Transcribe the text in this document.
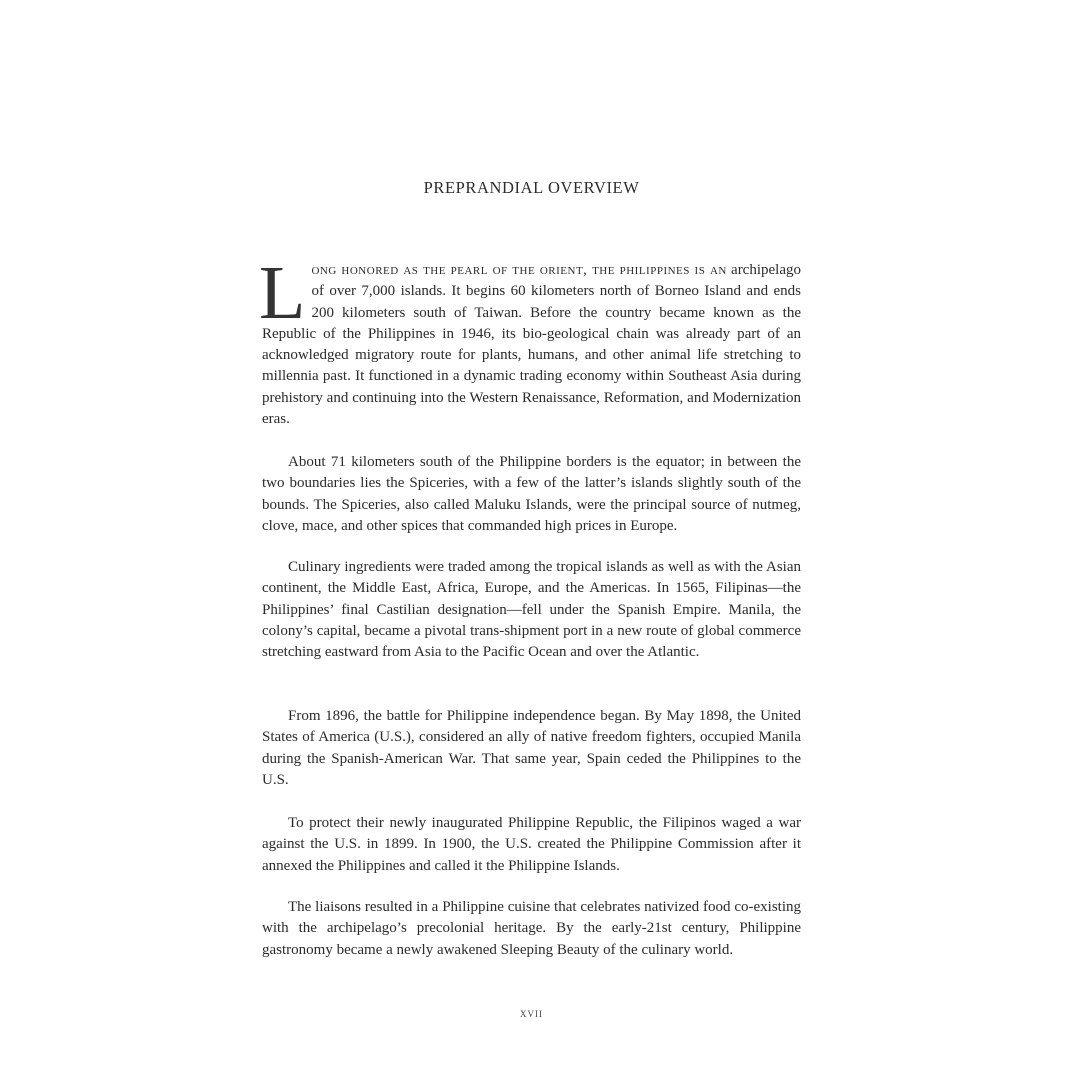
PREPRANDIAL OVERVIEW

Long honored as the pearl of the orient, the philippines is an archipelago of over 7,000 islands. It begins 60 kilometers north of Borneo Island and ends 200 kilometers south of Taiwan. Before the country became known as the Republic of the Philippines in 1946, its bio-geological chain was already part of an acknowledged migratory route for plants, humans, and other animal life stretching to millennia past. It functioned in a dynamic trading economy within Southeast Asia during prehistory and continuing into the Western Renaissance, Reformation, and Modernization eras.

About 71 kilometers south of the Philippine borders is the equator; in between the two boundaries lies the Spiceries, with a few of the latter’s islands slightly south of the bounds. The Spiceries, also called Maluku Islands, were the principal source of nutmeg, clove, mace, and other spices that commanded high prices in Europe.

Culinary ingredients were traded among the tropical islands as well as with the Asian continent, the Middle East, Africa, Europe, and the Americas. In 1565, Filipinas—the Philippines’ final Castilian designation—fell under the Spanish Empire. Manila, the colony’s capital, became a pivotal trans-shipment port in a new route of global commerce stretching eastward from Asia to the Pacific Ocean and over the Atlantic.

From 1896, the battle for Philippine independence began. By May 1898, the United States of America (U.S.), considered an ally of native freedom fighters, occupied Manila during the Spanish-American War. That same year, Spain ceded the Philippines to the U.S.

To protect their newly inaugurated Philippine Republic, the Filipinos waged a war against the U.S. in 1899. In 1900, the U.S. created the Philippine Commission after it annexed the Philippines and called it the Philippine Islands.

The liaisons resulted in a Philippine cuisine that celebrates nativized food co-existing with the archipelago’s precolonial heritage. By the early-21st century, Philippine gastronomy became a newly awakened Sleeping Beauty of the culinary world.

XVII
